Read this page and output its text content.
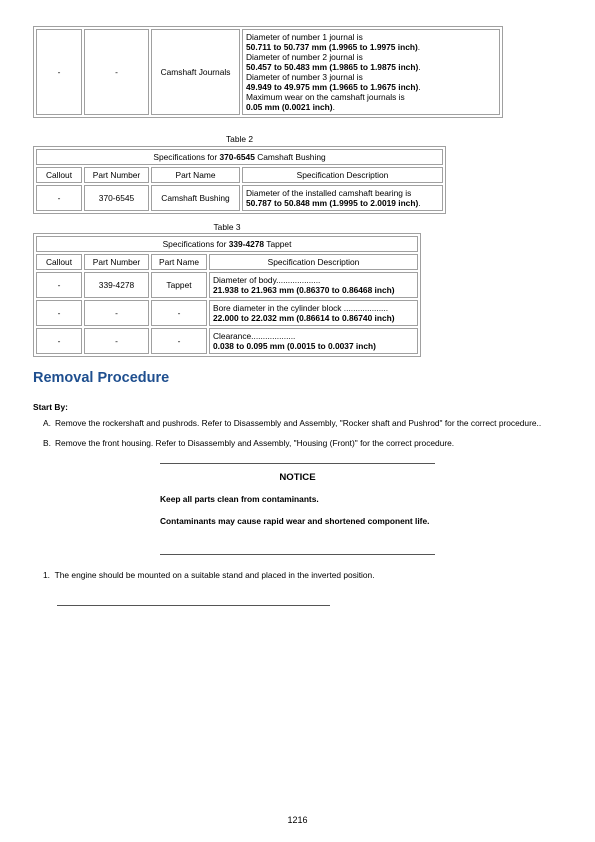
-	-	Camshaft Journals	
Diameter of number 1 journal is
50.711 to 50.737 mm (1.9965 to 1.9975 inch).
Diameter of number 2 journal is
50.457 to 50.483 mm (1.9865 to 1.9875 inch).
Diameter of number 3 journal is
49.949 to 49.975 mm (1.9665 to 1.9675 inch).
Maximum wear on the camshaft journals is
0.05 mm (0.0021 inch).
Table 2
Specifications for 370-6545 Camshaft Bushing			
Callout	Part Number	Part Name	Specification Description
-	370-6545	Camshaft Bushing	Diameter of the installed camshaft bearing is
50.787 to 50.848 mm (1.9995 to 2.0019 inch).
Table 3
Specifications for 339-4278 Tappet			
Callout	Part Number	Part Name	Specification Description
-	339-4278	Tappet	Diameter of body...................
21.938 to 21.963 mm (0.86370 to 0.86468 inch)
-	-	-	Bore diameter in the cylinder block ...................
22.000 to 22.032 mm (0.86614 to 0.86740 inch)
-	-	-	Clearance...................
0.038 to 0.095 mm (0.0015 to 0.0037 inch)
Removal Procedure
Start By:
A. Remove the rockershaft and pushrods. Refer to Disassembly and Assembly, "Rocker shaft and Pushrod" for the correct procedure..
B. Remove the front housing. Refer to Disassembly and Assembly, "Housing (Front)" for the correct procedure.
NOTICE
Keep all parts clean from contaminants.
Contaminants may cause rapid wear and shortened component life.
1. The engine should be mounted on a suitable stand and placed in the inverted position.
1216
